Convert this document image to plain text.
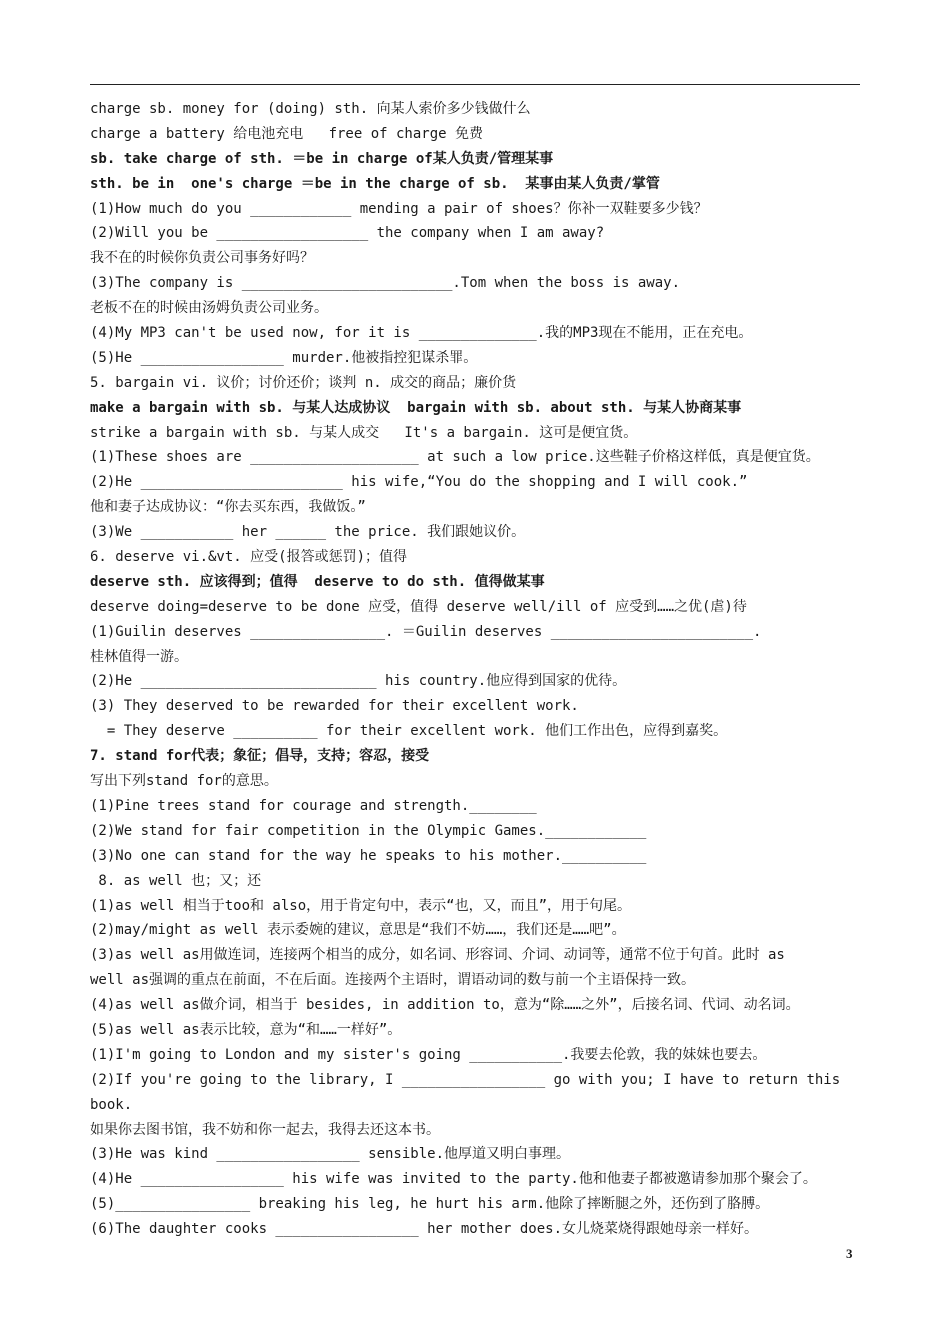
charge sb. money for (doing) sth. 向某人索价多少钱做什么
charge a battery 给电池充电   free of charge 免费
sb. take charge of sth. ＝be in charge of某人负责/管理某事
sth. be in  one's charge ＝be in the charge of sb.  某事由某人负责/掌管
(1)How much do you ____________ mending a pair of shoes？你补一双鞋要多少钱？
(2)Will you be __________________ the company when I am away?
我不在的时候你负责公司事务好吗？
(3)The company is _________________________.Tom when the boss is away.
老板不在的时候由汤姆负责公司业务。
(4)My MP3 can't be used now, for it is ______________.我的MP3现在不能用，正在充电。
(5)He _________________ murder.他被指控犯谋杀罪。
5. bargain vi. 议价；讨价还价；谈判 n. 成交的商品；廉价货
make a bargain with sb. 与某人达成协议  bargain with sb. about sth. 与某人协商某事
strike a bargain with sb. 与某人成交   It's a bargain. 这可是便宜货。
(1)These shoes are ____________________ at such a low price.这些鞋子价格这样低，真是便宜货。
(2)He ________________________ his wife,“You do the shopping and I will cook.”
他和妻子达成协议：“你去买东西，我做饭。”
(3)We ___________ her ______ the price. 我们跟她议价。
6. deserve vi.&vt. 应受(报答或惩罚)；值得
deserve sth. 应该得到；值得  deserve to do sth. 值得做某事
deserve doing=deserve to be done 应受，值得 deserve well/ill of 应受到……之优(虐)待
(1)Guilin deserves ________________. ＝Guilin deserves ________________________.
桂林值得一游。
(2)He ____________________________ his country.他应得到国家的优待。
(3) They deserved to be rewarded for their excellent work.
= They deserve __________ for their excellent work. 他们工作出色，应得到嘉奖。
7. stand for代表；象征；倡导，支持；容忍，接受
写出下列stand for的意思。
(1)Pine trees stand for courage and strength.________
(2)We stand for fair competition in the Olympic Games.____________
(3)No one can stand for the way he speaks to his mother.__________
8. as well 也；又；还
(1)as well 相当于too和 also，用于肯定句中，表示“也，又，而且”，用于句尾。
(2)may/might as well 表示委婉的建议，意思是“我们不妨……，我们还是……吧”。
(3)as well as用做连词，连接两个相当的成分，如名词、形容词、介词、动词等，通常不位于句首。此时 as
well as强调的重点在前面，不在后面。连接两个主语时，谓语动词的数与前一个主语保持一致。
(4)as well as做介词，相当于 besides, in addition to，意为“除……之外”，后接名词、代词、动名词。
(5)as well as表示比较，意为“和……一样好”。
(1)I'm going to London and my sister's going ___________.我要去伦敦，我的妹妹也要去。
(2)If you're going to the library, I _________________ go with you; I have to return this
book.
如果你去图书馆，我不妨和你一起去，我得去还这本书。
(3)He was kind _________________ sensible.他厚道又明白事理。
(4)He _________________ his wife was invited to the party.他和他妻子都被邀请参加那个聚会了。
(5)________________ breaking his leg, he hurt his arm.他除了摔断腿之外，还伤到了胳膊。
(6)The daughter cooks _________________ her mother does.女儿烧菜烧得跟她母亲一样好。
3
